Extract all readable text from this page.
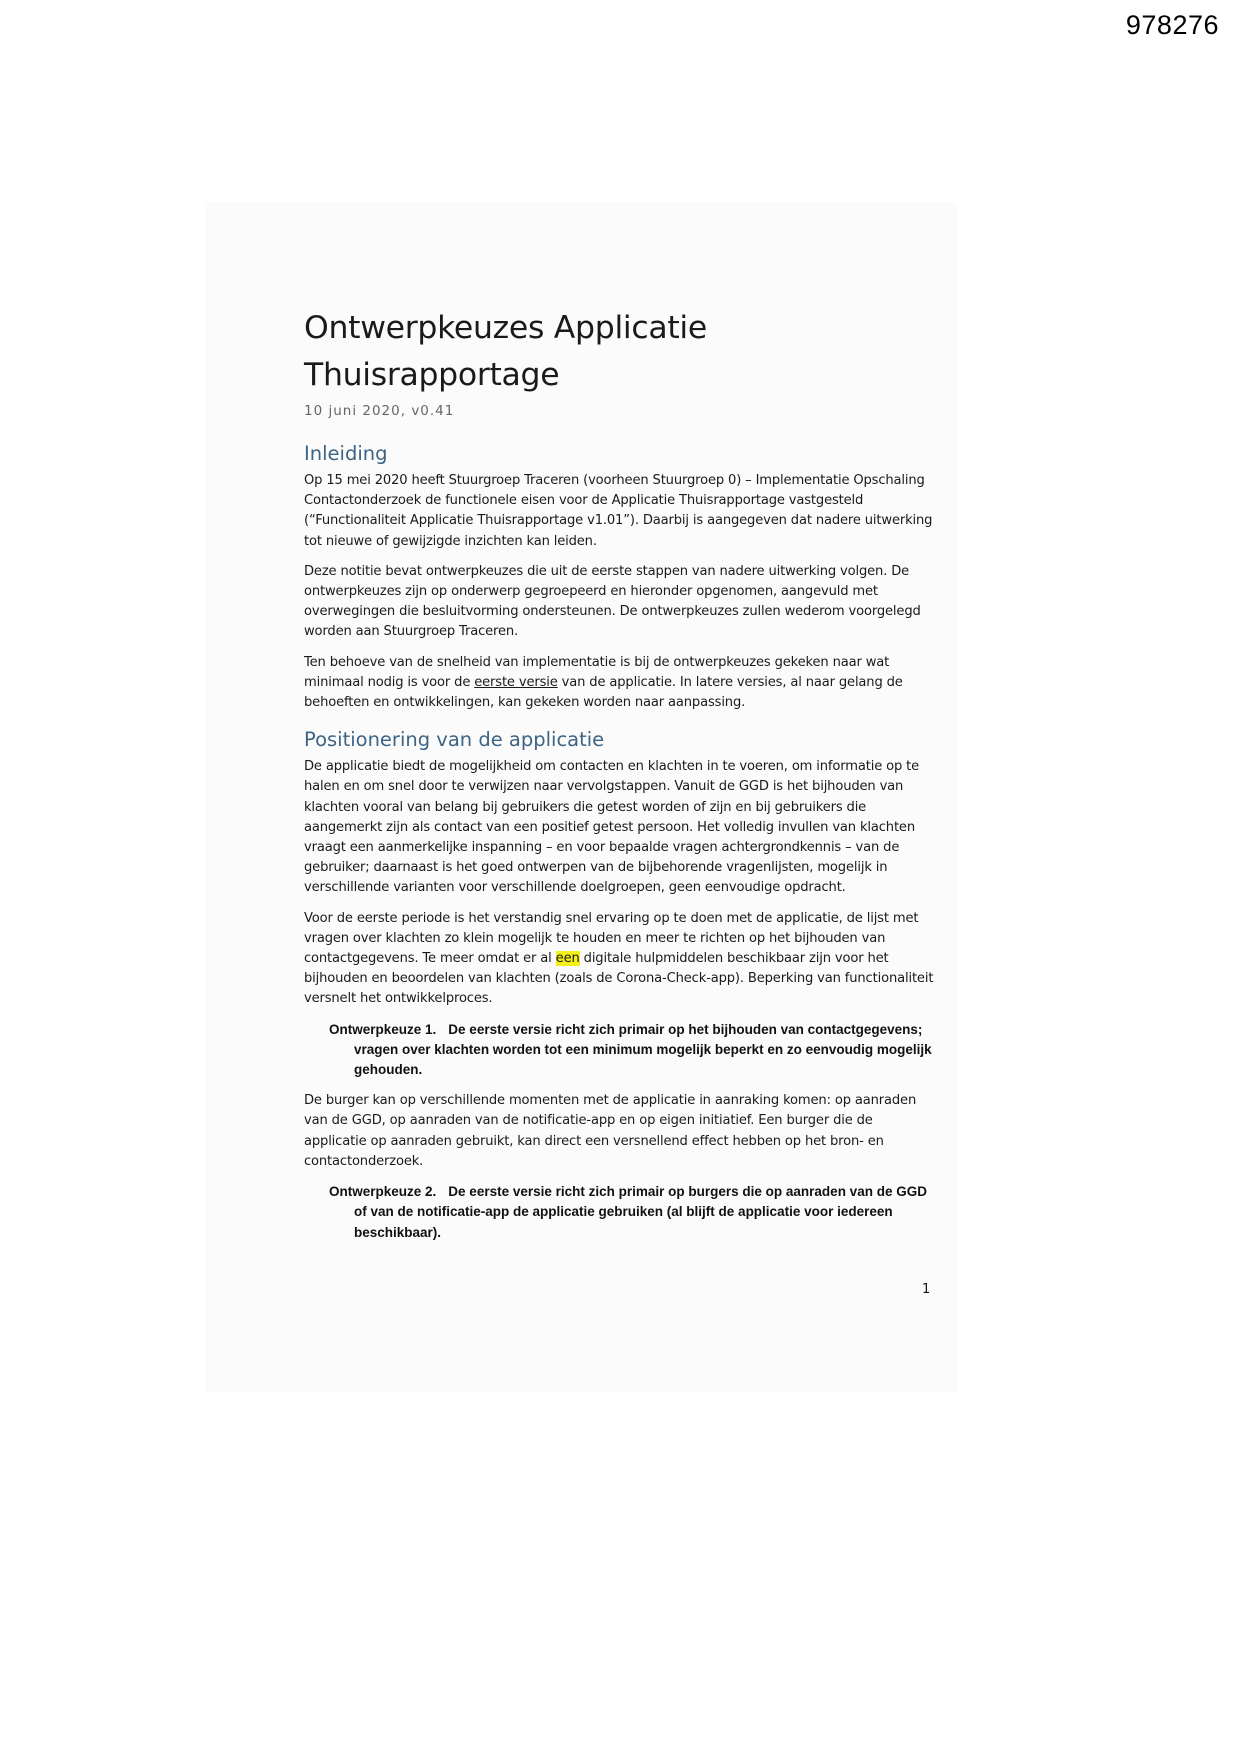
978276
Ontwerpkeuzes Applicatie
Thuisrapportage
10 juni 2020, v0.41
Inleiding

Op 15 mei 2020 heeft Stuurgroep Traceren (voorheen Stuurgroep 0) – Implementatie Opschaling Contactonderzoek de functionele eisen voor de Applicatie Thuisrapportage vastgesteld (“Functionaliteit Applicatie Thuisrapportage v1.01”). Daarbij is aangegeven dat nadere uitwerking tot nieuwe of gewijzigde inzichten kan leiden.

Deze notitie bevat ontwerpkeuzes die uit de eerste stappen van nadere uitwerking volgen. De ontwerpkeuzes zijn op onderwerp gegroepeerd en hieronder opgenomen, aangevuld met overwegingen die besluitvorming ondersteunen. De ontwerpkeuzes zullen wederom voorgelegd worden aan Stuurgroep Traceren.

Ten behoeve van de snelheid van implementatie is bij de ontwerpkeuzes gekeken naar wat minimaal nodig is voor de eerste versie van de applicatie. In latere versies, al naar gelang de behoeften en ontwikkelingen, kan gekeken worden naar aanpassing.

Positionering van de applicatie

De applicatie biedt de mogelijkheid om contacten en klachten in te voeren, om informatie op te halen en om snel door te verwijzen naar vervolgstappen. Vanuit de GGD is het bijhouden van klachten vooral van belang bij gebruikers die getest worden of zijn en bij gebruikers die aangemerkt zijn als contact van een positief getest persoon. Het volledig invullen van klachten vraagt een aanmerkelijke inspanning – en voor bepaalde vragen achtergrondkennis – van de gebruiker; daarnaast is het goed ontwerpen van de bijbehorende vragenlijsten, mogelijk in verschillende varianten voor verschillende doelgroepen, geen eenvoudige opdracht.

Voor de eerste periode is het verstandig snel ervaring op te doen met de applicatie, de lijst met vragen over klachten zo klein mogelijk te houden en meer te richten op het bijhouden van contactgegevens. Te meer omdat er al een digitale hulpmiddelen beschikbaar zijn voor het bijhouden en beoordelen van klachten (zoals de Corona-Check-app). Beperking van functionaliteit versnelt het ontwikkelproces.

Ontwerpkeuze 1. De eerste versie richt zich primair op het bijhouden van contactgegevens; vragen over klachten worden tot een minimum mogelijk beperkt en zo eenvoudig mogelijk gehouden.

De burger kan op verschillende momenten met de applicatie in aanraking komen: op aanraden van de GGD, op aanraden van de notificatie-app en op eigen initiatief. Een burger die de applicatie op aanraden gebruikt, kan direct een versnellend effect hebben op het bron- en contactonderzoek.

Ontwerpkeuze 2. De eerste versie richt zich primair op burgers die op aanraden van de GGD of van de notificatie-app de applicatie gebruiken (al blijft de applicatie voor iedereen beschikbaar).
1
